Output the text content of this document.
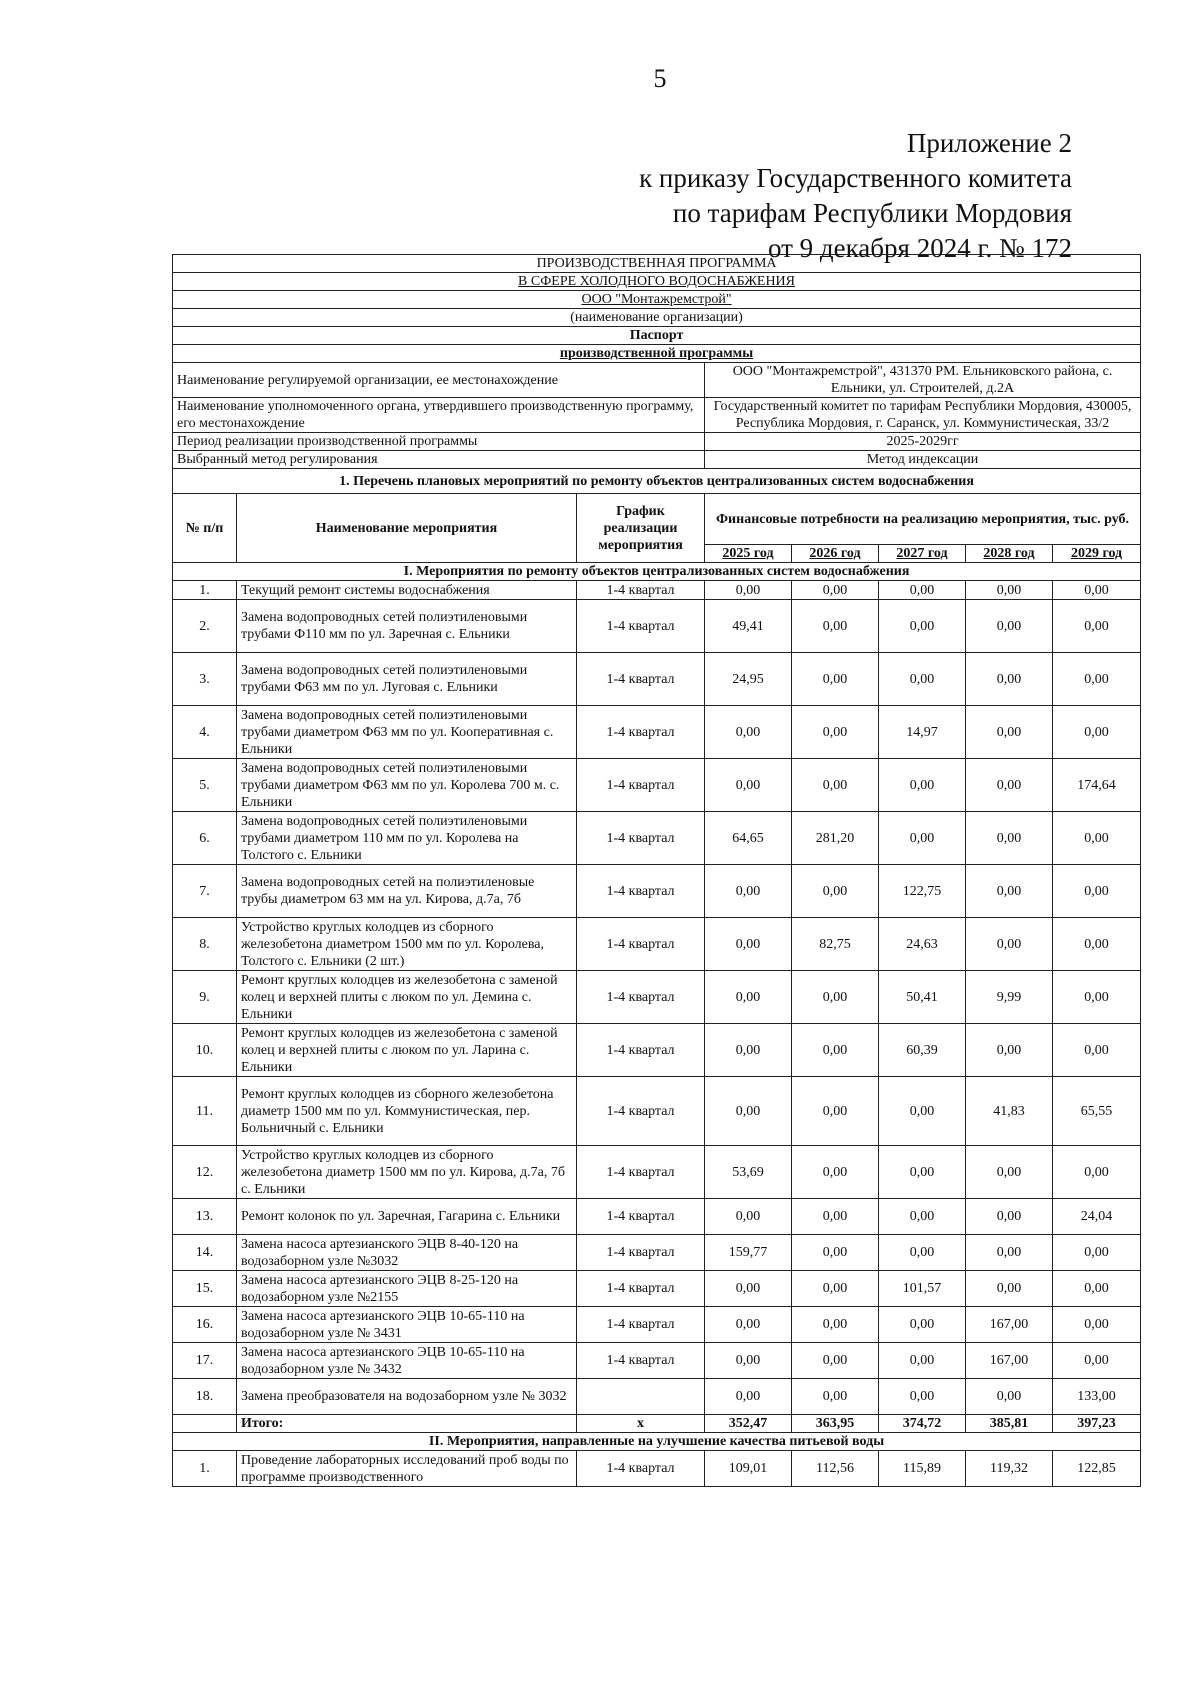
5
Приложение 2
к приказу Государственного комитета
по тарифам Республики Мордовия
от 9 декабря 2024 г. № 172
ПРОИЗВОДСТВЕННАЯ ПРОГРАММА							
В СФЕРЕ ХОЛОДНОГО ВОДОСНАБЖЕНИЯ							
ООО "Монтажремстрой"							
(наименование организации)							
Паспорт							
производственной программы							
Наименование регулируемой организации, ее местонахождение			ООО "Монтажремстрой", 431370 РМ. Ельниковского района, с. Ельники, ул. Строителей, д.2А				
Наименование уполномоченного органа, утвердившего производственную программу, его местонахождение			Государственный комитет по тарифам Республики Мордовия, 430005, Республика Мордовия, г. Саранск, ул. Коммунистическая, 33/2				
Период реализации производственной программы			2025-2029гг				
Выбранный метод регулирования			Метод индексации				
1. Перечень плановых мероприятий по ремонту объектов централизованных систем водоснабжения							
№ п/п	Наименование мероприятия	График реализации мероприятия	Финансовые потребности на реализацию мероприятия, тыс. руб.				
			2025 год	2026 год	2027 год	2028 год	2029 год
I. Мероприятия по ремонту объектов централизованных систем водоснабжения							
1.	Текущий ремонт системы водоснабжения	1-4 квартал	0,00	0,00	0,00	0,00	0,00
2.	Замена водопроводных сетей полиэтиленовыми трубами Ф110 мм по ул. Заречная с. Ельники	1-4 квартал	49,41	0,00	0,00	0,00	0,00
3.	Замена водопроводных сетей полиэтиленовыми трубами Ф63 мм по ул. Луговая с. Ельники	1-4 квартал	24,95	0,00	0,00	0,00	0,00
4.	Замена водопроводных сетей полиэтиленовыми трубами диаметром Ф63 мм по ул. Кооперативная с. Ельники	1-4 квартал	0,00	0,00	14,97	0,00	0,00
5.	Замена водопроводных сетей полиэтиленовыми трубами диаметром Ф63 мм по ул. Королева 700 м. с. Ельники	1-4 квартал	0,00	0,00	0,00	0,00	174,64
6.	Замена водопроводных сетей полиэтиленовыми трубами диаметром 110 мм по ул. Королева на Толстого с. Ельники	1-4 квартал	64,65	281,20	0,00	0,00	0,00
7.	Замена водопроводных сетей на полиэтиленовые трубы диаметром 63 мм на ул. Кирова, д.7а, 7б	1-4 квартал	0,00	0,00	122,75	0,00	0,00
8.	Устройство круглых колодцев из сборного железобетона диаметром 1500 мм по ул. Королева, Толстого с. Ельники (2 шт.)	1-4 квартал	0,00	82,75	24,63	0,00	0,00
9.	Ремонт круглых колодцев из железобетона с заменой колец и верхней плиты с люком по ул. Демина с. Ельники	1-4 квартал	0,00	0,00	50,41	9,99	0,00
10.	Ремонт круглых колодцев из железобетона с заменой колец и верхней плиты с люком по ул. Ларина с. Ельники	1-4 квартал	0,00	0,00	60,39	0,00	0,00
11.	Ремонт круглых колодцев из сборного железобетона диаметр 1500 мм по ул. Коммунистическая, пер. Больничный с. Ельники	1-4 квартал	0,00	0,00	0,00	41,83	65,55
12.	Устройство круглых колодцев из сборного железобетона диаметр 1500 мм по ул. Кирова, д.7а, 7б с. Ельники	1-4 квартал	53,69	0,00	0,00	0,00	0,00
13.	Ремонт колонок по ул. Заречная, Гагарина с. Ельники	1-4 квартал	0,00	0,00	0,00	0,00	24,04
14.	Замена насоса артезианского ЭЦВ 8-40-120 на водозаборном узле №3032	1-4 квартал	159,77	0,00	0,00	0,00	0,00
15.	Замена насоса артезианского ЭЦВ 8-25-120 на водозаборном узле №2155	1-4 квартал	0,00	0,00	101,57	0,00	0,00
16.	Замена насоса артезианского ЭЦВ 10-65-110 на водозаборном узле № 3431	1-4 квартал	0,00	0,00	0,00	167,00	0,00
17.	Замена насоса артезианского ЭЦВ 10-65-110 на водозаборном узле № 3432	1-4 квартал	0,00	0,00	0,00	167,00	0,00
18.	Замена преобразователя на водозаборном узле № 3032		0,00	0,00	0,00	0,00	133,00
	Итого:	x	352,47	363,95	374,72	385,81	397,23
II. Мероприятия, направленные на улучшение качества питьевой воды							
1.	Проведение лабораторных исследований проб воды по программе производственного	1-4 квартал	109,01	112,56	115,89	119,32	122,85
